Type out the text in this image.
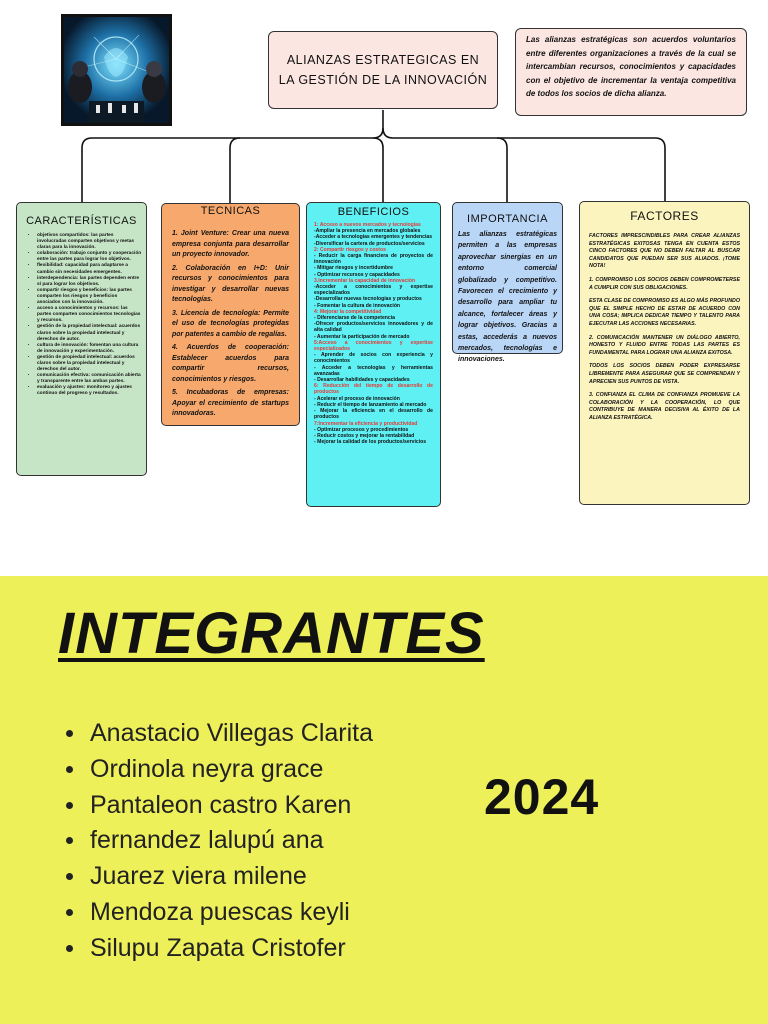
ALIANZAS ESTRATEGICAS EN LA GESTIÓN DE LA INNOVACIÓN
Las alianzas estratégicas son acuerdos voluntarios entre diferentes organizaciones a través de la cual se intercambian recursos, conocimientos y capacidades con el objetivo de incrementar la ventaja competitiva de todos los socios de dicha alianza.
CARACTERÍSTICAS
• objetivos compartidos: las partes involucradas comparten objetivos y metas claras para la innovación.
• colaboración: trabajo conjunto y cooperación entre las partes para lograr los objetivos.
• flexibilidad: capacidad para adaptarse a cambio sin necesidades emergentes.
• interdependencia: las partes dependen entre sí para lograr los objetivos.
• compartir riesgos y beneficios: las partes comparten los riesgos y beneficios asociados con la innovación.
• acceso a conocimientos y recursos: las partes comparten conocimientos tecnologías y recursos.
• gestión de la propiedad intelectual: acuerdos claros sobre la propiedad intelectual y derechos de autor.
• cultura de innovación: fomentan una cultura de innovación y experimentación.
• gestión de propiedad intelectual: acuerdos claros sobre la propiedad intelectual y derechos del autor.
• comunicación efectiva: comunicación abierta y transparente entre las ambas partes.
• evaluación y ajustes: monitoreo y ajustes continuo del progreso y resultados.
TECNICAS

1. Joint Venture: Crear una nueva empresa conjunta para desarrollar un proyecto innovador.

2. Colaboración en I+D: Unir recursos y conocimientos para investigar y desarrollar nuevas tecnologías.

3. Licencia de tecnología: Permite el uso de tecnologías protegidas por patentes a cambio de regalías.

4. Acuerdos de cooperación: Establecer acuerdos para compartir recursos, conocimientos y riesgos.

5. Incubadoras de empresas: Apoyar el crecimiento de startups innovadoras.

BENEFICIOS

1: Acceso a nuevos mercados y tecnologías

-Ampliar la presencia en mercados globales

-Acceder a tecnologías emergentes y tendencias

-Diversificar la cartera de productos/servicios

2: Compartir riesgos y costos

- Reducir la carga financiera de proyectos de innovación

- Mitigar riesgos y incertidumbre

- Optimizar recursos y capacidades

3.Incrementar la capacidad de innovación

-Acceder a conocimientos y expertise especializados

-Desarrollar nuevas tecnologías y productos

- Fomentar la cultura de innovación

4: Mejorar la competitividad

- Diferenciarse de la competencia

-Ofrecer productos/servicios innovadores y de alta calidad

- Aumentar la participación de mercado

5:Acceso a conocimientos y expertise especializados

- Aprender de socios con experiencia y conocimientos

- Acceder a tecnologías y herramientas avanzadas

- Desarrollar habilidades y capacidades

6: Reducción del tiempo de desarrollo de productos

- Acelerar el proceso de innovación

- Reducir el tiempo de lanzamiento al mercado

- Mejorar la eficiencia en el desarrollo de productos

7:Incrementar la eficiencia y productividad

- Optimizar procesos y procedimientos

- Reducir costos y mejorar la rentabilidad

- Mejorar la calidad de los productos/servicios

IMPORTANCIA
Las alianzas estratégicas permiten a las empresas aprovechar sinergias en un entorno comercial globalizado y competitivo. Favorecen el crecimiento y desarrollo para ampliar tu alcance, fortalecer áreas y lograr objetivos. Gracias a estas, accederás a nuevos mercados, tecnologías e innovaciones.
FACTORES

FACTORES IMPRESCINDIBLES PARA CREAR ALIANZAS ESTRATÉGICAS EXITOSAS TENGA EN CUENTA ESTOS CINCO FACTORES QUE NO DEBEN FALTAR AL BUSCAR CANDIDATOS QUE PUEDAN SER SUS ALIADOS. ¡TOME NOTA!

1. COMPROMISO LOS SOCIOS DEBEN COMPROMETERSE A CUMPLIR CON SUS OBLIGACIONES.

ESTA CLASE DE COMPROMISO ES ALGO MÁS PROFUNDO QUE EL SIMPLE HECHO DE ESTAR DE ACUERDO CON UNA COSA; IMPLICA DEDICAR TIEMPO Y TALENTO PARA EJECUTAR LAS ACCIONES NECESARIAS.

2. COMUNICACIÓN MANTENER UN DIÁLOGO ABIERTO, HONESTO Y FLUIDO ENTRE TODAS LAS PARTES ES FUNDAMENTAL PARA LOGRAR UNA ALIANZA EXITOSA.

TODOS LOS SOCIOS DEBEN PODER EXPRESARSE LIBREMENTE PARA ASEGURAR QUE SE COMPRENDAN Y APRECIEN SUS PUNTOS DE VISTA.

3. CONFIANZA EL CLIMA DE CONFIANZA PROMUEVE LA COLABORACIÓN Y LA COOPERACIÓN, LO QUE CONTRIBUYE DE MANERA DECISIVA AL ÉXITO DE LA ALIANZA ESTRATÉGICA.

INTEGRANTES
Anastacio Villegas Clarita
Ordinola neyra grace
Pantaleon castro Karen
fernandez lalupú ana
Juarez viera milene
Mendoza puescas keyli
Silupu Zapata Cristofer
2024
